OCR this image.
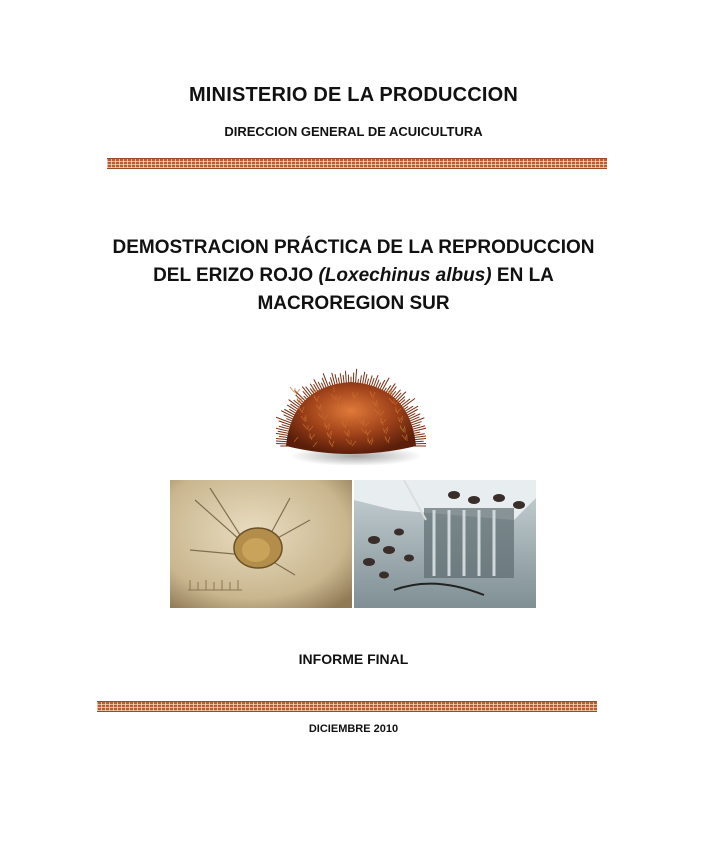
MINISTERIO DE LA PRODUCCION
DIRECCION GENERAL DE ACUICULTURA
DEMOSTRACION PRÁCTICA DE LA REPRODUCCION
DEL ERIZO ROJO (Loxechinus albus) EN LA
MACROREGION SUR
INFORME FINAL
DICIEMBRE 2010
